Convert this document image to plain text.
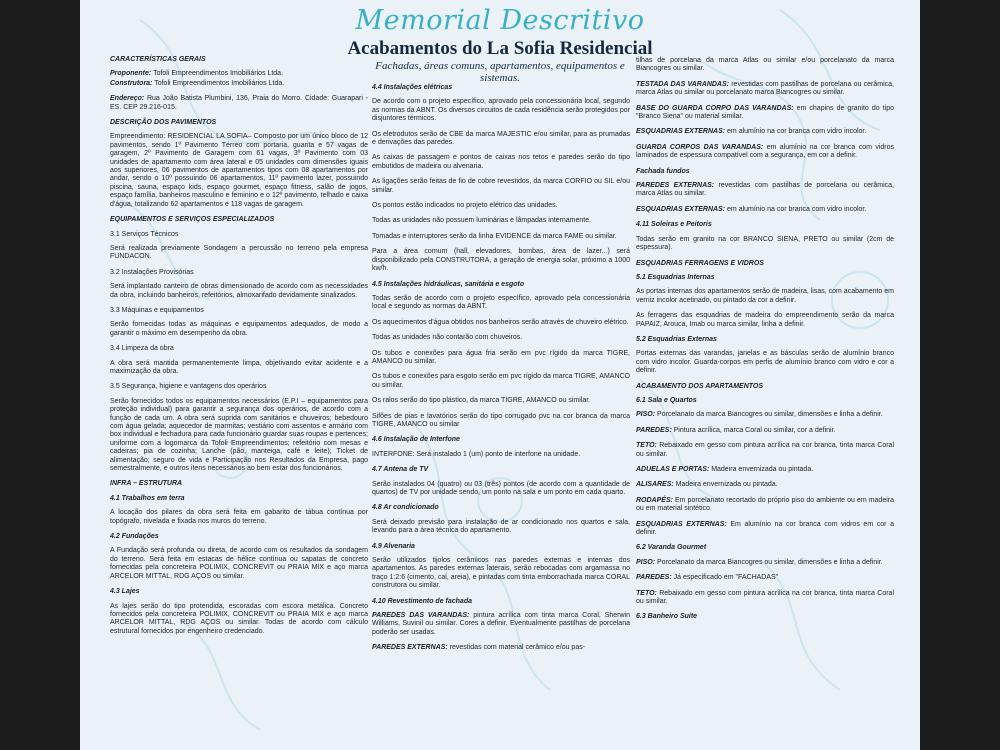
Memorial Descritivo
Acabamentos do La Sofia Residencial
Fachadas, áreas comuns, apartamentos, equipamentos e sistemas.

CARACTERÍSTICAS GERAIS

Proponente: Tofoli Empreendimentos Imobiliários Ltda.

Construtora: Tofoli Empreendimentos Imobiliários Ltda.

Endereço: Rua João Batista Plumbini, 136, Praia do Morro. Cidade: Guarapari - ES. CEP 29.216-015.

DESCRIÇÃO DOS PAVIMENTOS

Empreendimento: RESIDENCIAL LA SOFIA– Composto por um único bloco de 12 pavimentos, sendo 1º Pavimento Térreo com portaria, guarita e 57 vagas de garagem, 2º Pavimento de Garagem com 61 vagas, 3º Pavimento com 03 unidades de apartamento com área lateral e 05 unidades com dimensões iguais aos superiores, 06 pavimentos de apartamentos tipos com 08 apartamentos por andar, sendo o 10º possuindo 06 apartamentos, 11º pavimento lazer, possuindo piscina, sauna, espaço kids, espaço gourmet, espaço fitness, salão de jogos, espaço família, banheiros masculino e feminino e o 12º pavimento, telhado e caixa d'água, totalizando 62 apartamentos e 118 vagas de garagem.

EQUIPAMENTOS E SERVIÇOS ESPECIALIZADOS

3.1 Serviços Técnicos

Será realizada previamente Sondagem a percussão no terreno pela empresa FUNDACON.

3.2 Instalações Provisórias

Será implantado canteiro de obras dimensionado de acordo com as necessidades da obra, incluindo banheiros, refeitórios, almoxarifado devidamente sinalizados.

3.3 Máquinas e equipamentos

Serão fornecidas todas as máquinas e equipamentos adequados, de modo a garantir o máximo em desempenho da obra.

3.4 Limpeza da obra

A obra será mantida permanentemente limpa, objetivando evitar acidente e a maximização da obra.

3.5 Segurança, higiene e vantagens dos operários

Serão fornecidos todos os equipamentos necessários (E.P.I – equipamentos para proteção individual) para garantir a segurança dos operários, de acordo com a função de cada um. A obra será suprida com sanitários e chuveiros; bebedouro com água gelada; aquecedor de marmitas; vestiário com assentos e armário com box individual e fechadura para cada funcionário guardar suas roupas e pertences; uniforme com a logomarca da Tofoli Empreendimentos; refeitório com mesas e cadeiras; pia de cozinha; Lanche (pão, manteiga, café e leite); Ticket de alimentação; seguro de vida e Participação nos Resultados da Empresa, pago semestralmente, e outros itens necessários ao bem estar dos funcionários.

INFRA – ESTRUTURA

4.1 Trabalhos em terra

A locação dos pilares da obra será feita em gabarito de tábua contínua por topógrafo, nivelada e fixada nos muros do terreno.

4.2 Fundações

A Fundação será profunda ou direta, de acordo com os resultados da sondagem do terreno. Será feita em estacas de hélice contínua ou sapatas de concreto fornecidas pela concreteira POLIMIX, CONCREVIT ou PRAIA MIX e aço marca ARCELOR MITTAL, RDG AÇOS ou similar.

4.3 Lajes

As lajes serão do tipo protendida, escoradas com escora metálica. Concreto fornecidos pela concreteira POLIMIX, CONCREVIT ou PRAIA MIX e aço marca ARCELOR MITTAL, RDG AÇOS ou similar. Todas de acordo com cálculo estrutural fornecidos por engenheiro credenciado.

4.4 Instalações elétricas

De acordo com o projeto específico, aprovado pela concessionária local, segundo as normas da ABNT. Os diversos circuitos de cada residência serão protegidos por disjuntores térmicos.

Os eletrodutos serão de CBE da marca MAJESTIC e/ou similar, para as prumadas e derivações das paredes.

As caixas de passagem e pontos de caixas nos tetos e paredes serão do tipo embutidos de madeira ou alvenaria.

As ligações serão feitas de fio de cobre revestidos, da marca CORFIO ou SIL e/ou similar.

Os pontos estão indicados no projeto elétrico das unidades.

Todas as unidades não possuem luminárias e lâmpadas internamente.

Tomadas e interruptores serão da linha EVIDENCE da marca FAME ou similar.

Para a área comum (hall, elevadores, bombas, área de lazer...) será disponibilizado pela CONSTRUTORA, a geração de energia solar, próximo a 1000 kw/h.

4.5 Instalações hidráulicas, sanitária e esgoto

Todas serão de acordo com o projeto específico, aprovado pela concessionária local e segundo as normas da ABNT.

Os aquecimentos d'água obtidos nos banheiros serão através de chuveiro elétrico.

Todas as unidades não contarão com chuveiros.

Os tubos e conexões para água fria serão em pvc rígido da marca TIGRE, AMANCO ou similar.

Os tubos e conexões para esgoto serão em pvc rígido da marca TIGRE, AMANCO ou similar.

Os ralos serão do tipo plástico, da marca TIGRE, AMANCO ou similar.

Sifões de pias e lavatórios serão do tipo corrugado pvc na cor branca da marca TIGRE, AMANCO ou similar

4.6 Instalação de Interfone

INTERFONE: Será instalado 1 (um) ponto de interfone na unidade.

4.7 Antena de TV

Serão instalados 04 (quatro) ou 03 (três) pontos (de acordo com a quantidade de quartos) de TV por unidade sendo, um ponto na sala e um ponto em cada quarto.

4.8 Ar condicionado

Será deixado previsão para instalação de ar condicionado nos quartos e sala, levando para a área técnica do apartamento.

4.9 Alvenaria

Serão utilizados tijolos cerâmicos nas paredes externas e internas dos apartamentos. As paredes externas laterais, serão rebocadas com argamassa no traço 1:2:6 (cimento, cal, areia), e pintadas com tinta emborrachada marca CORAL construtora ou similar.

4.10 Revestimento de fachada

PAREDES DAS VARANDAS: pintura acrílica com tinta marca Coral, Sherwin Williams, Suvinil ou similar. Cores a definir. Eventualmente pastilhas de porcelana poderão ser usadas.

PAREDES EXTERNAS: revestidas com material cerâmico e/ou pas-

tilhas de porcelana da marca Atlas ou similar e/ou porcelanato da marca Biancogres ou similar.

TESTADA DAS VARANDAS: revestidas com pastilhas de porcelana ou cerâmica, marca Atlas ou similar ou porcelanato marca Biancogres ou similar.

BASE DO GUARDA CORPO DAS VARANDAS: em chapins de granito do tipo "Branco Siena" ou material similar.

ESQUADRIAS EXTERNAS: em alumínio na cor branca com vidro incolor.

GUARDA CORPOS DAS VARANDAS: em alumínio na cor branca com vidros laminados de espessura compatível com a segurança, em cor a definir.

Fachada fundos

PAREDES EXTERNAS: revestidas com pastilhas de porcelana ou cerâmica, marca Atlas ou similar.

ESQUADRIAS EXTERNAS: em alumínio na cor branca com vidro incolor.

4.11 Soleiras e Peitoris

Todas serão em granito na cor BRANCO SIENA, PRETO ou similar (2cm de espessura).

ESQUADRIAS FERRAGENS E VIDROS

5.1 Esquadrias Internas

As portas internas dos apartamentos serão de madeira, lisas, com acabamento em verniz incolor acetinado, ou pintado da cor a definir.

As ferragens das esquadrias de madeira do empreendimento serão da marca PAPAIZ, Arouca, Imab ou marca similar, linha a definir.

5.2 Esquadrias Externas

Portas externas das varandas, janelas e as básculas serão de alumínio branco com vidro incolor. Guarda-corpos em perfis de alumínio branco com vidro e cor a definir.

ACABAMENTO DOS APARTAMENTOS

6.1 Sala e Quartos

PISO: Porcelanato da marca Biancogres ou similar, dimensões e linha a definir.

PAREDES: Pintura acrílica, marca Coral ou similar, cor a definir.

TETO: Rebaixado em gesso com pintura acrílica na cor branca, tinta marca Coral ou similar.

ADUELAS E PORTAS: Madeira envernizada ou pintada.

ALISARES: Madeira envernizada ou pintada.

RODAPÉS: Em porcelanato recortado do próprio piso do ambiente ou em madeira ou em material sintético.

ESQUADRIAS EXTERNAS: Em alumínio na cor branca com vidros em cor a definir.

6.2 Varanda Gourmet

PISO: Porcelanato da marca Biancogres ou similar, dimensões e linha a definir.

PAREDES: Já especificado em "FACHADAS"

TETO: Rebaixado em gesso com pintura acrílica na cor branca, tinta marca Coral ou similar.

6.3 Banheiro Suíte
